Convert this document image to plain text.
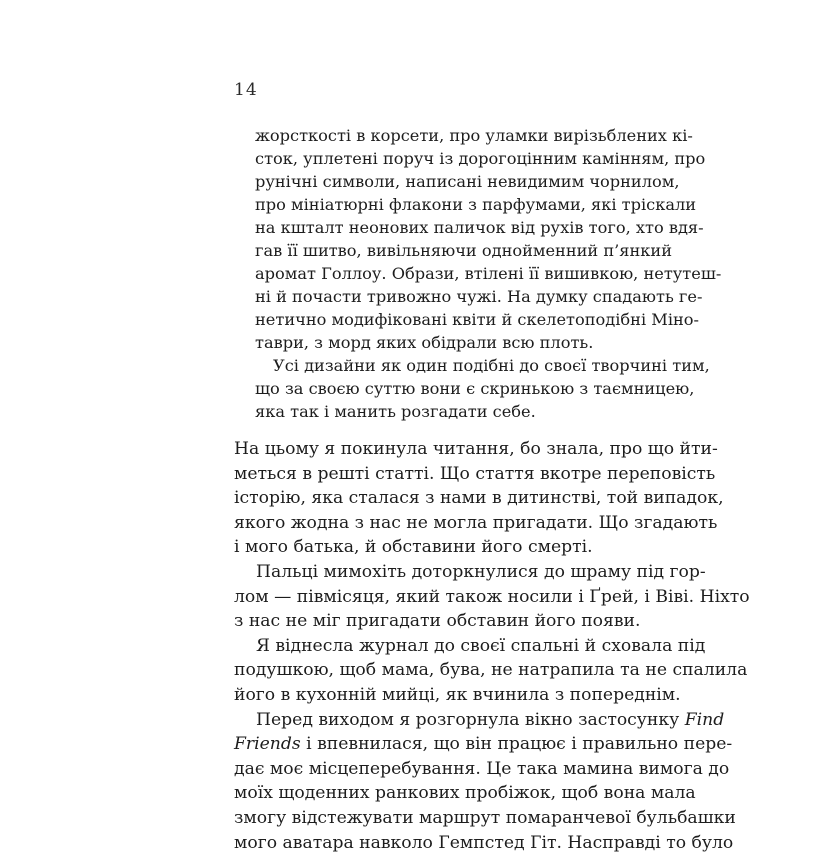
14
жорсткості в корсети, про уламки вирізьблених кі-
сток, уплетені поруч із дорогоцінним камінням, про
рунічні символи, написані невидимим чорнилом,
про мініатюрні флакони з парфумами, які тріскали
на кшталт неонових паличок від рухів того, хто вдя-
гав її шитво, вивільняючи однойменний п’янкий
аромат Голлоу. Образи, втілені її вишивкою, нетутеш-
ні й почасти тривожно чужі. На думку спадають ге-
нетично модифіковані квіти й скелетоподібні Міно-
таври, з морд яких обідрали всю плоть.
Усі дизайни як один подібні до своєї творчині тим,
що за своєю суттю вони є скринькою з таємницею,
яка так і манить розгадати себе.
На цьому я покинула читання, бо знала, про що йти-
меться в решті статті. Що стаття вкотре переповість
історію, яка сталася з нами в дитинстві, той випадок,
якого жодна з нас не могла пригадати. Що згадають
і мого батька, й обставини його смерті.
Пальці мимохіть доторкнулися до шраму під гор-
лом — півмісяця, який також носили і Ґрей, і Віві. Ніхто
з нас не міг пригадати обставин його появи.
Я віднесла журнал до своєї спальні й сховала під
подушкою, щоб мама, бува, не натрапила та не спалила
його в кухонній мийці, як вчинила з попереднім.
Перед виходом я розгорнула вікно застосунку Find
Friends і впевнилася, що він працює і правильно пере-
дає моє місцеперебування. Це така мамина вимога до
моїх щоденних ранкових пробіжок, щоб вона мала
змогу відстежувати маршрут помаранчевої бульбашки
мого аватара навколо Гемпстед Гіт. Насправді то було
